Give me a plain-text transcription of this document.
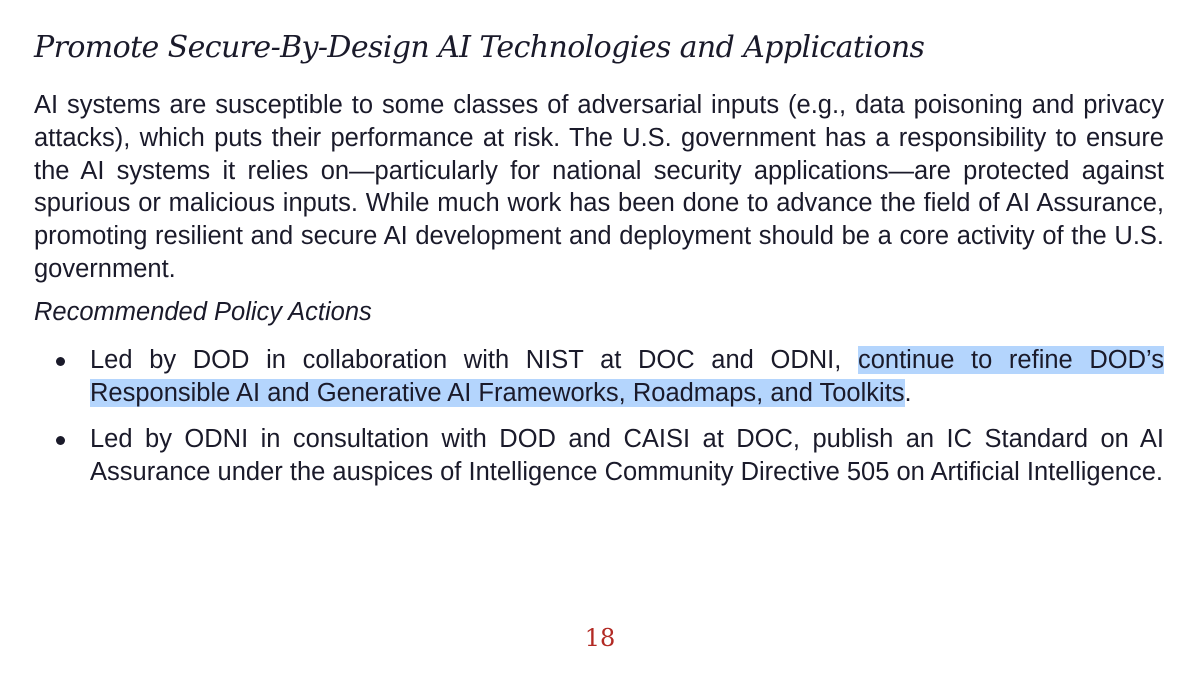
Promote Secure-By-Design AI Technologies and Applications

AI systems are susceptible to some classes of adversarial inputs (e.g., data poisoning and privacy attacks), which puts their performance at risk. The U.S. government has a responsibility to ensure the AI systems it relies on—particularly for national security applications—are protected against spurious or malicious inputs. While much work has been done to advance the field of AI Assurance, promoting resilient and secure AI development and deployment should be a core activity of the U.S. government.

Recommended Policy Actions

Led by DOD in collaboration with NIST at DOC and ODNI, continue to refine DOD’s Responsible AI and Generative AI Frameworks, Roadmaps, and Toolkits.
Led by ODNI in consultation with DOD and CAISI at DOC, publish an IC Standard on AI Assurance under the auspices of Intelligence Community Directive 505 on Artificial Intelligence.

18
